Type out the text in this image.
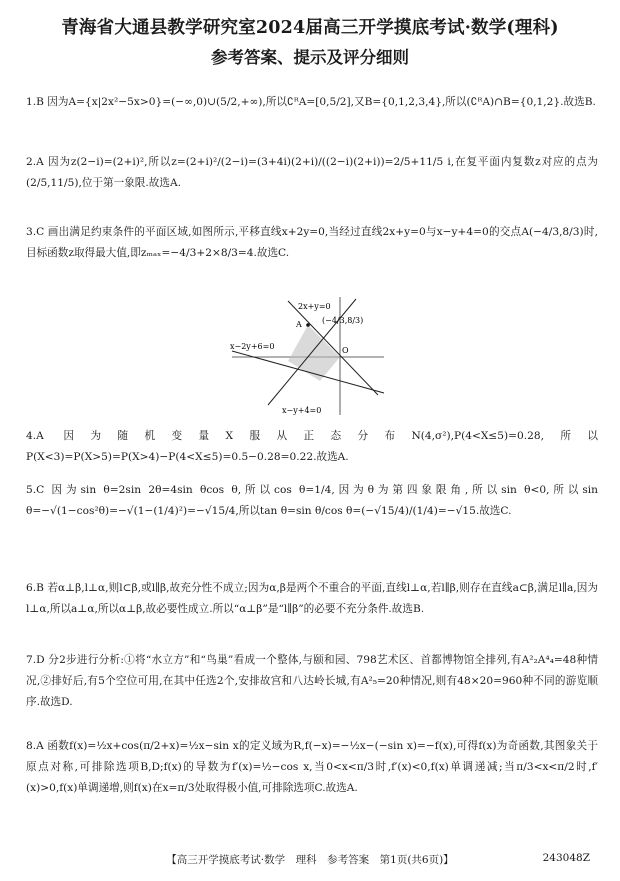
青海省大通县教学研究室2024届高三开学摸底考试·数学(理科)
参考答案、提示及评分细则
1.B 因为A={x|2x²−5x>0}=(−∞,0)∪(5/2,+∞),所以∁ᴿA=[0,5/2],又B={0,1,2,3,4},所以(∁ᴿA)∩B={0,1,2}.故选B.
2.A 因为z(2−i)=(2+i)²,所以z=(2+i)²/(2−i)=(3+4i)(2+i)/((2−i)(2+i))=2/5+11/5 i,在复平面内复数z对应的点为(2/5,11/5),位于第一象限.故选A.
3.C 画出满足约束条件的平面区域,如图所示,平移直线x+2y=0,当经过直线2x+y=0与x−y+4=0的交点A(−4/3,8/3)时,目标函数z取得最大值,即zₘₐₓ=−4/3+2×8/3=4.故选C.
2x+y=0
x−2y+6=0
x−y+4=0
A	(−4/3,8/3)
O
4.A 因为随机变量X服从正态分布N(4,σ²),P(4<X≤5)=0.28,所以P(X<3)=P(X>5)=P(X>4)−P(4<X≤5)=0.5−0.28=0.22.故选A.
5.C 因为sin θ=2sin 2θ=4sin θcos θ,所以cos θ=1/4,因为θ为第四象限角,所以sin θ<0,所以sin θ=−√(1−cos²θ)=−√(1−(1/4)²)=−√15/4,所以tan θ=sin θ/cos θ=(−√15/4)/(1/4)=−√15.故选C.
6.B 若α⊥β,l⊥α,则l⊂β,或l∥β,故充分性不成立;因为α,β是两个不重合的平面,直线l⊥α,若l∥β,则存在直线a⊂β,满足l∥a,因为l⊥α,所以a⊥α,所以α⊥β,故必要性成立.所以“α⊥β”是“l∥β”的必要不充分条件.故选B.
7.D 分2步进行分析:①将“水立方”和“鸟巢”看成一个整体,与颐和园、798艺术区、首都博物馆全排列,有A²₂A⁴₄=48种情况,②排好后,有5个空位可用,在其中任选2个,安排故宫和八达岭长城,有A²₅=20种情况,则有48×20=960种不同的游览顺序.故选D.
8.A 函数f(x)=½x+cos(π/2+x)=½x−sin x的定义域为R,f(−x)=−½x−(−sin x)=−f(x),可得f(x)为奇函数,其图象关于原点对称,可排除选项B,D;f(x)的导数为f′(x)=½−cos x,当0<x<π/3时,f′(x)<0,f(x)单调递减;当π/3<x<π/2时,f′(x)>0,f(x)单调递增,则f(x)在x=π/3处取得极小值,可排除选项C.故选A.
【高三开学摸底考试·数学　理科　参考答案　第1页(共6页)】	243048Z
